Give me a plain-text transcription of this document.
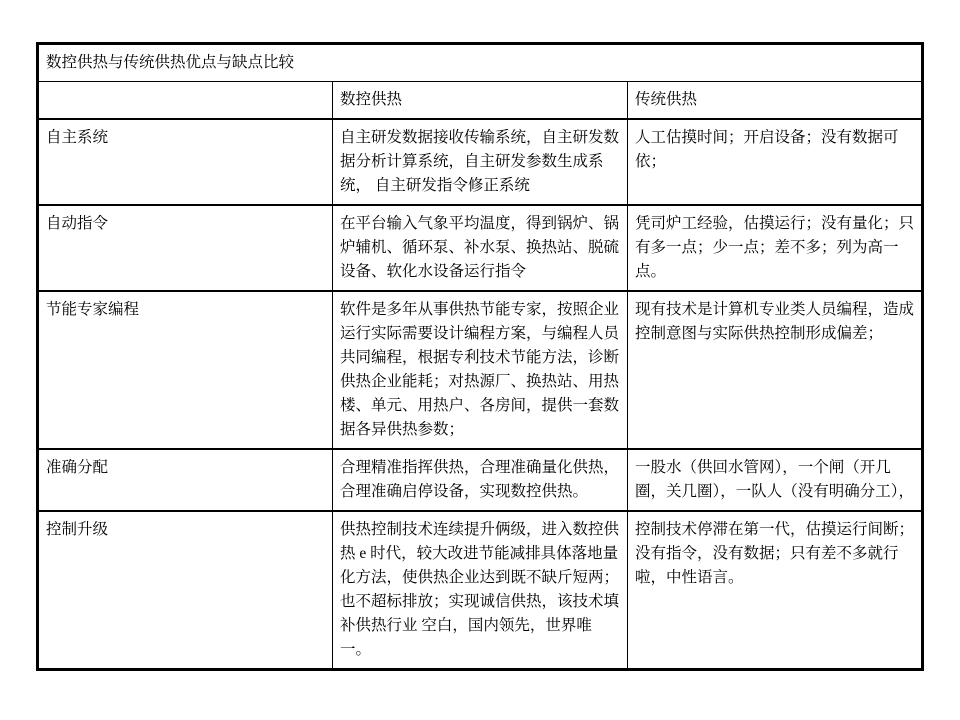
数控供热与传统供热优点与缺点比较		
	数控供热	传统供热
自主系统	自主研发数据接收传输系统，自主研发数据分析计算系统，自主研发参数生成系统， 自主研发指令修正系统	人工估摸时间；开启设备；没有数据可依；
自动指令	在平台输入气象平均温度，得到锅炉、锅炉辅机、循环泵、补水泵、换热站、脱硫设备、软化水设备运行指令	凭司炉工经验，估摸运行；没有量化；只有多一点；少一点；差不多；列为高一点。
节能专家编程	软件是多年从事供热节能专家，按照企业运行实际需要设计编程方案，与编程人员共同编程，根据专利技术节能方法，诊断供热企业能耗；对热源厂、换热站、用热楼、单元、用热户、各房间，提供一套数据各异供热参数；	现有技术是计算机专业类人员编程，造成控制意图与实际供热控制形成偏差；
准确分配	合理精准指挥供热，合理准确量化供热，合理准确启停设备，实现数控供热。	一股水（供回水管网），一个闸（开几圈，关几圈），一队人（没有明确分工），
控制升级	供热控制技术连续提升俩级，进入数控供热 e 时代，较大改进节能减排具体落地量化方法，使供热企业达到既不缺斤短两；也不超标排放；实现诚信供热，该技术填补供热行业 空白，国内领先，世界唯一。	控制技术停滞在第一代，估摸运行间断；没有指令，没有数据；只有差不多就行啦，中性语言。
